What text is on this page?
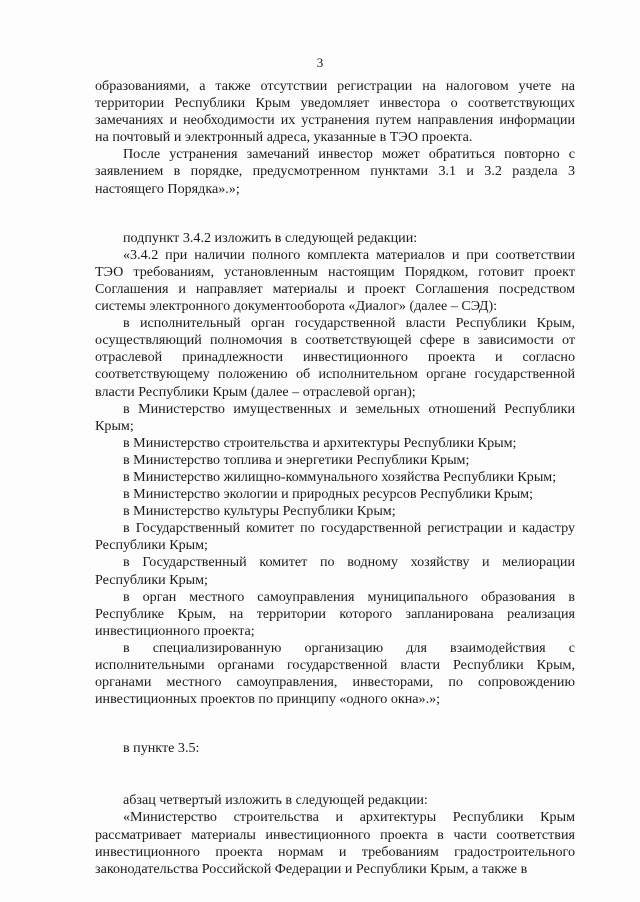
3

образованиями, а также отсутствии регистрации на налоговом учете на территории Республики Крым уведомляет инвестора о соответствующих замечаниях и необходимости их устранения путем направления информации на почтовый и электронный адреса, указанные в ТЭО проекта.

После устранения замечаний инвестор может обратиться повторно с заявлением в порядке, предусмотренном пунктами 3.1 и 3.2 раздела 3 настоящего Порядка».»;

подпункт 3.4.2 изложить в следующей редакции:

«3.4.2 при наличии полного комплекта материалов и при соответствии ТЭО требованиям, установленным настоящим Порядком, готовит проект Соглашения и направляет материалы и проект Соглашения посредством системы электронного документооборота «Диалог» (далее – СЭД):

в исполнительный орган государственной власти Республики Крым, осуществляющий полномочия в соответствующей сфере в зависимости от отраслевой принадлежности инвестиционного проекта и согласно соответствующему положению об исполнительном органе государственной власти Республики Крым (далее – отраслевой орган);

в Министерство имущественных и земельных отношений Республики Крым;

в Министерство строительства и архитектуры Республики Крым;

в Министерство топлива и энергетики Республики Крым;

в Министерство жилищно-коммунального хозяйства Республики Крым;

в Министерство экологии и природных ресурсов Республики Крым;

в Министерство культуры Республики Крым;

в Государственный комитет по государственной регистрации и кадастру Республики Крым;

в Государственный комитет по водному хозяйству и мелиорации Республики Крым;

в орган местного самоуправления муниципального образования в Республике Крым, на территории которого запланирована реализация инвестиционного проекта;

в специализированную организацию для взаимодействия с исполнительными органами государственной власти Республики Крым, органами местного самоуправления, инвесторами, по сопровождению инвестиционных проектов по принципу «одного окна».»;

в пункте 3.5:

абзац четвертый изложить в следующей редакции:

«Министерство строительства и архитектуры Республики Крым рассматривает материалы инвестиционного проекта в части соответствия инвестиционного проекта нормам и требованиям градостроительного законодательства Российской Федерации и Республики Крым, а также в
